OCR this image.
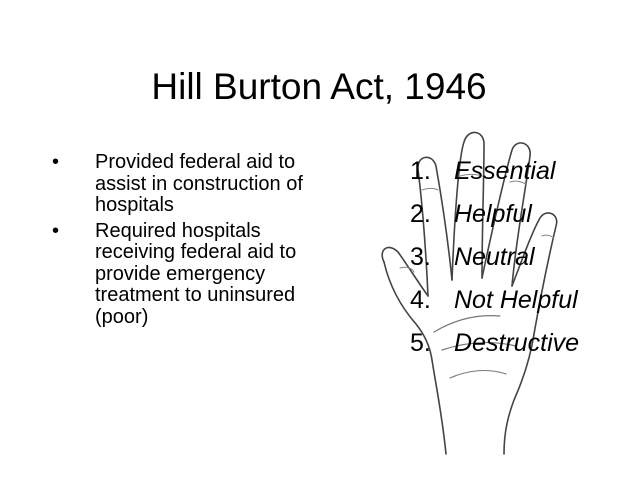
Hill Burton Act, 1946
•	Provided federal aid to assist in construction of hospitals
•	Required hospitals receiving federal aid to provide emergency treatment to uninsured (poor)
1. Essential
2. Helpful
3. Neutral
4. Not Helpful
5. Destructive
